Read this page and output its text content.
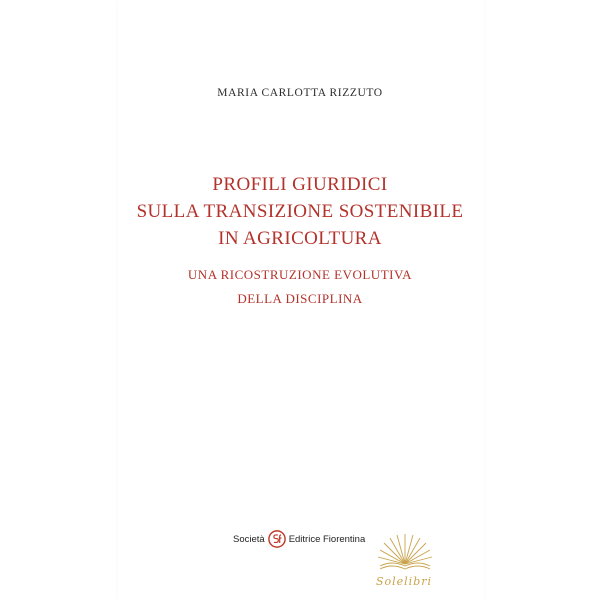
MARIA CARLOTTA RIZZUTO
PROFILI GIURIDICI
SULLA TRANSIZIONE SOSTENIBILE
IN AGRICOLTURA
UNA RICOSTRUZIONE EVOLUTIVA
DELLA DISCIPLINA
Società	Editrice Fiorentina
Solelibri
